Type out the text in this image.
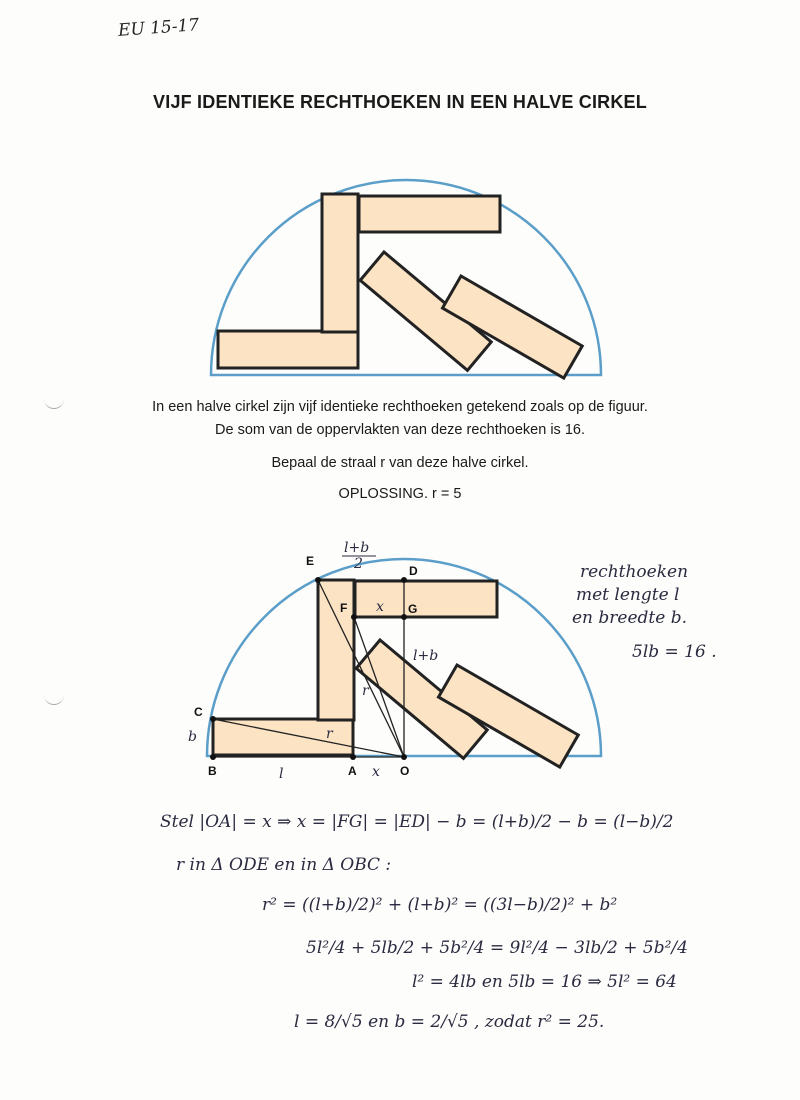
EU 15-17
VIJF IDENTIEKE RECHTHOEKEN IN EEN HALVE CIRKEL
In een halve cirkel zijn vijf identieke rechthoeken getekend zoals op de figuur.
De som van de oppervlakten van deze rechthoeken is 16.
Bepaal de straal r van deze halve cirkel.
OPLOSSING. r = 5
E
D
F	G
C
B	A	O
l+b
2
x
l+b
r
r
b
l	x
rechthoeken
met lengte l
en breedte b.
5lb = 16 .
Stel |OA| = x ⇒ x = |FG| = |ED| − b = (l+b)/2 − b = (l−b)/2
r in Δ ODE en in Δ OBC :
r² = ((l+b)/2)² + (l+b)² = ((3l−b)/2)² + b²
5l²/4 + 5lb/2 + 5b²/4 = 9l²/4 − 3lb/2 + 5b²/4
l² = 4lb en 5lb = 16 ⇒ 5l² = 64
l = 8/√5 en b = 2/√5 , zodat r² = 25.
